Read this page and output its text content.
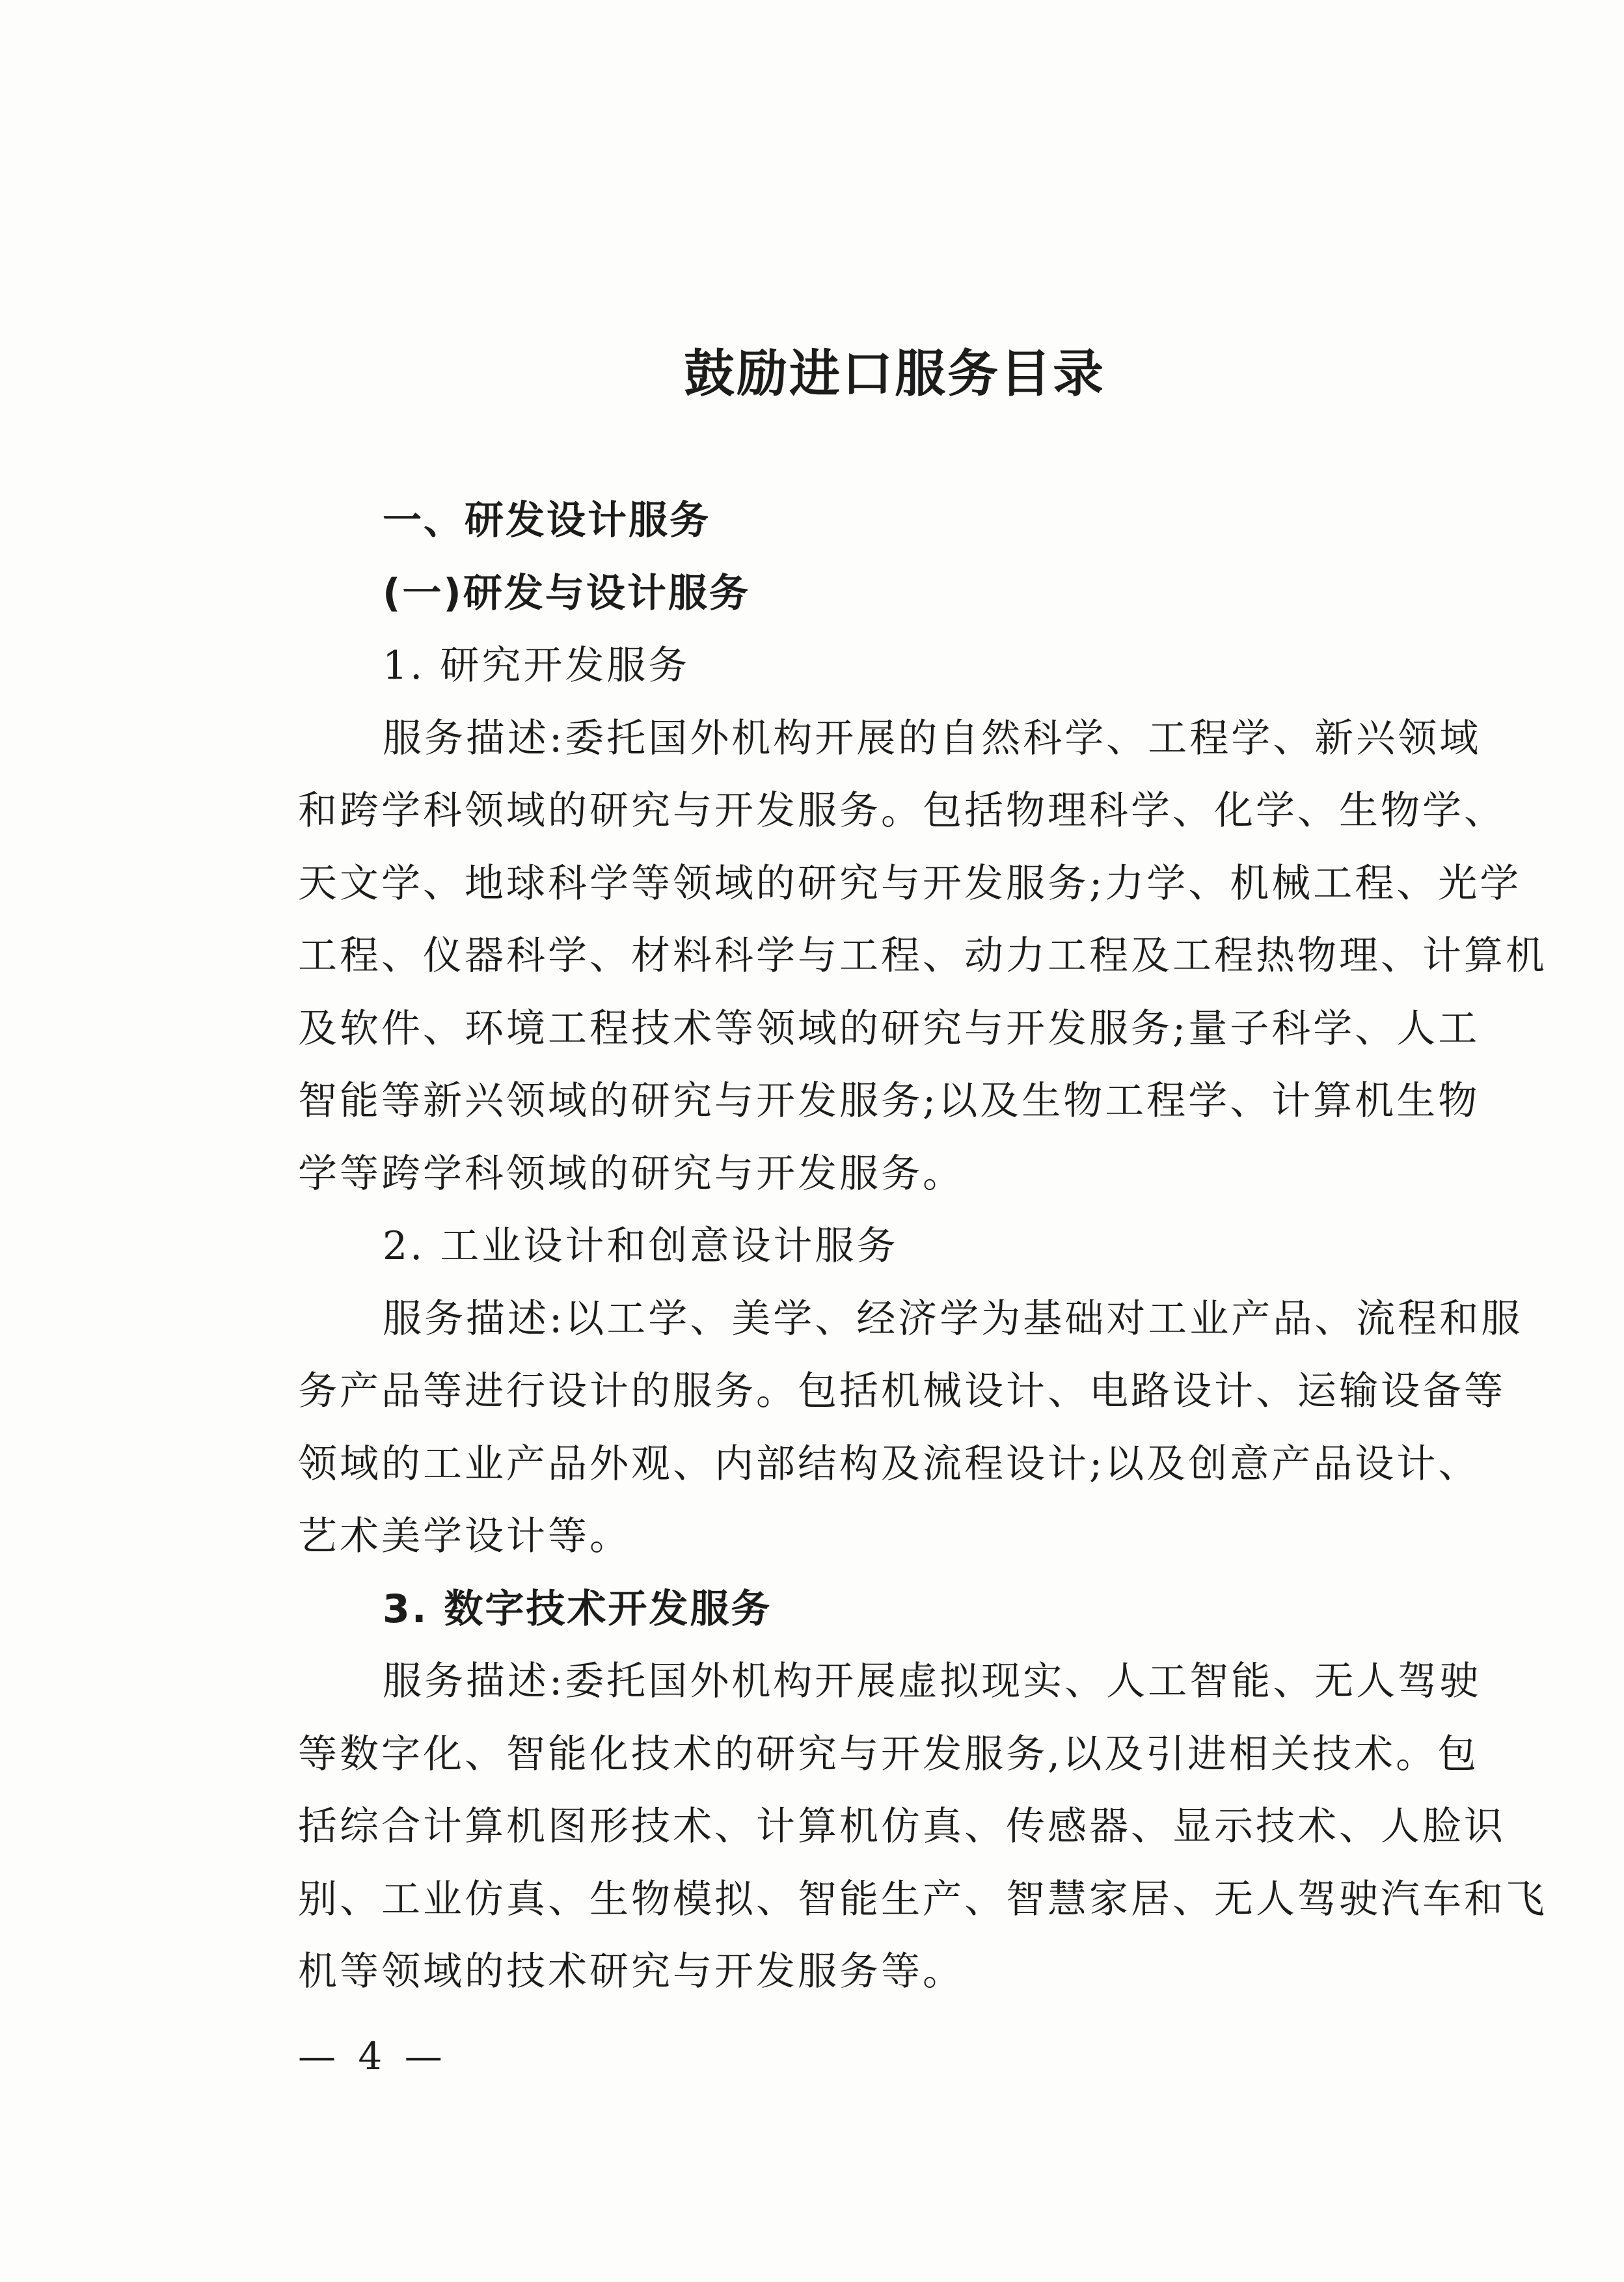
鼓励进口服务目录
一、研发设计服务
(一)研发与设计服务
1. 研究开发服务
服务描述:委托国外机构开展的自然科学、工程学、新兴领域
和跨学科领域的研究与开发服务。包括物理科学、化学、生物学、
天文学、地球科学等领域的研究与开发服务;力学、机械工程、光学
工程、仪器科学、材料科学与工程、动力工程及工程热物理、计算机
及软件、环境工程技术等领域的研究与开发服务;量子科学、人工
智能等新兴领域的研究与开发服务;以及生物工程学、计算机生物
学等跨学科领域的研究与开发服务。
2. 工业设计和创意设计服务
服务描述:以工学、美学、经济学为基础对工业产品、流程和服
务产品等进行设计的服务。包括机械设计、电路设计、运输设备等
领域的工业产品外观、内部结构及流程设计;以及创意产品设计、
艺术美学设计等。
3. 数字技术开发服务
服务描述:委托国外机构开展虚拟现实、人工智能、无人驾驶
等数字化、智能化技术的研究与开发服务,以及引进相关技术。包
括综合计算机图形技术、计算机仿真、传感器、显示技术、人脸识
别、工业仿真、生物模拟、智能生产、智慧家居、无人驾驶汽车和飞
机等领域的技术研究与开发服务等。
— 4 —
